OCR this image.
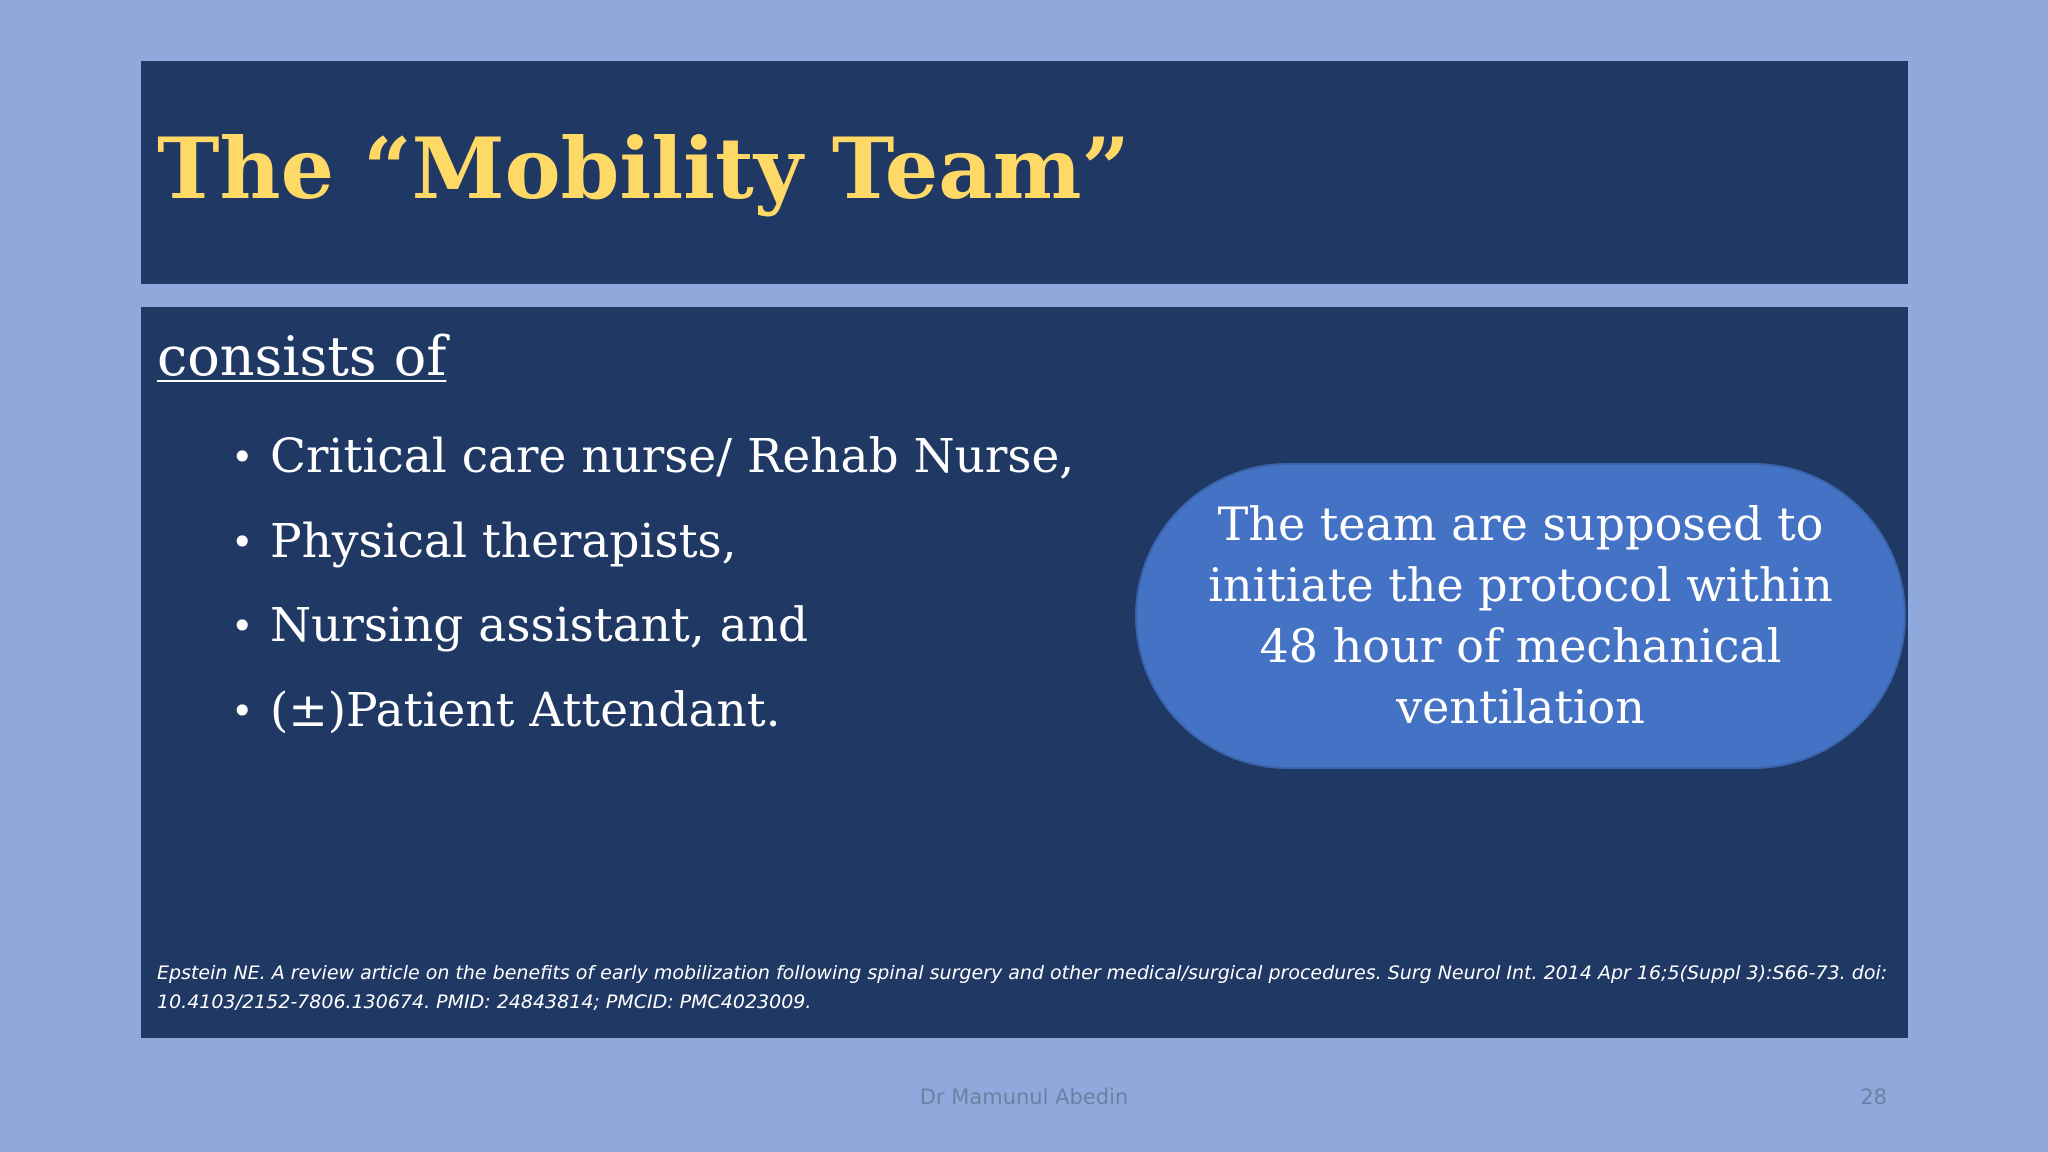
The “Mobility Team”
consists of
• Critical care nurse/ Rehab Nurse,
• Physical therapists,
• Nursing assistant, and
• (±)Patient Attendant.
The team are supposed to initiate the protocol within 48 hour of mechanical ventilation
Epstein NE. A review article on the benefits of early mobilization following spinal surgery and other medical/surgical procedures. Surg Neurol Int. 2014 Apr 16;5(Suppl 3):S66-73. doi: 10.4103/2152-7806.130674. PMID: 24843814; PMCID: PMC4023009.
Dr Mamunul Abedin	28
